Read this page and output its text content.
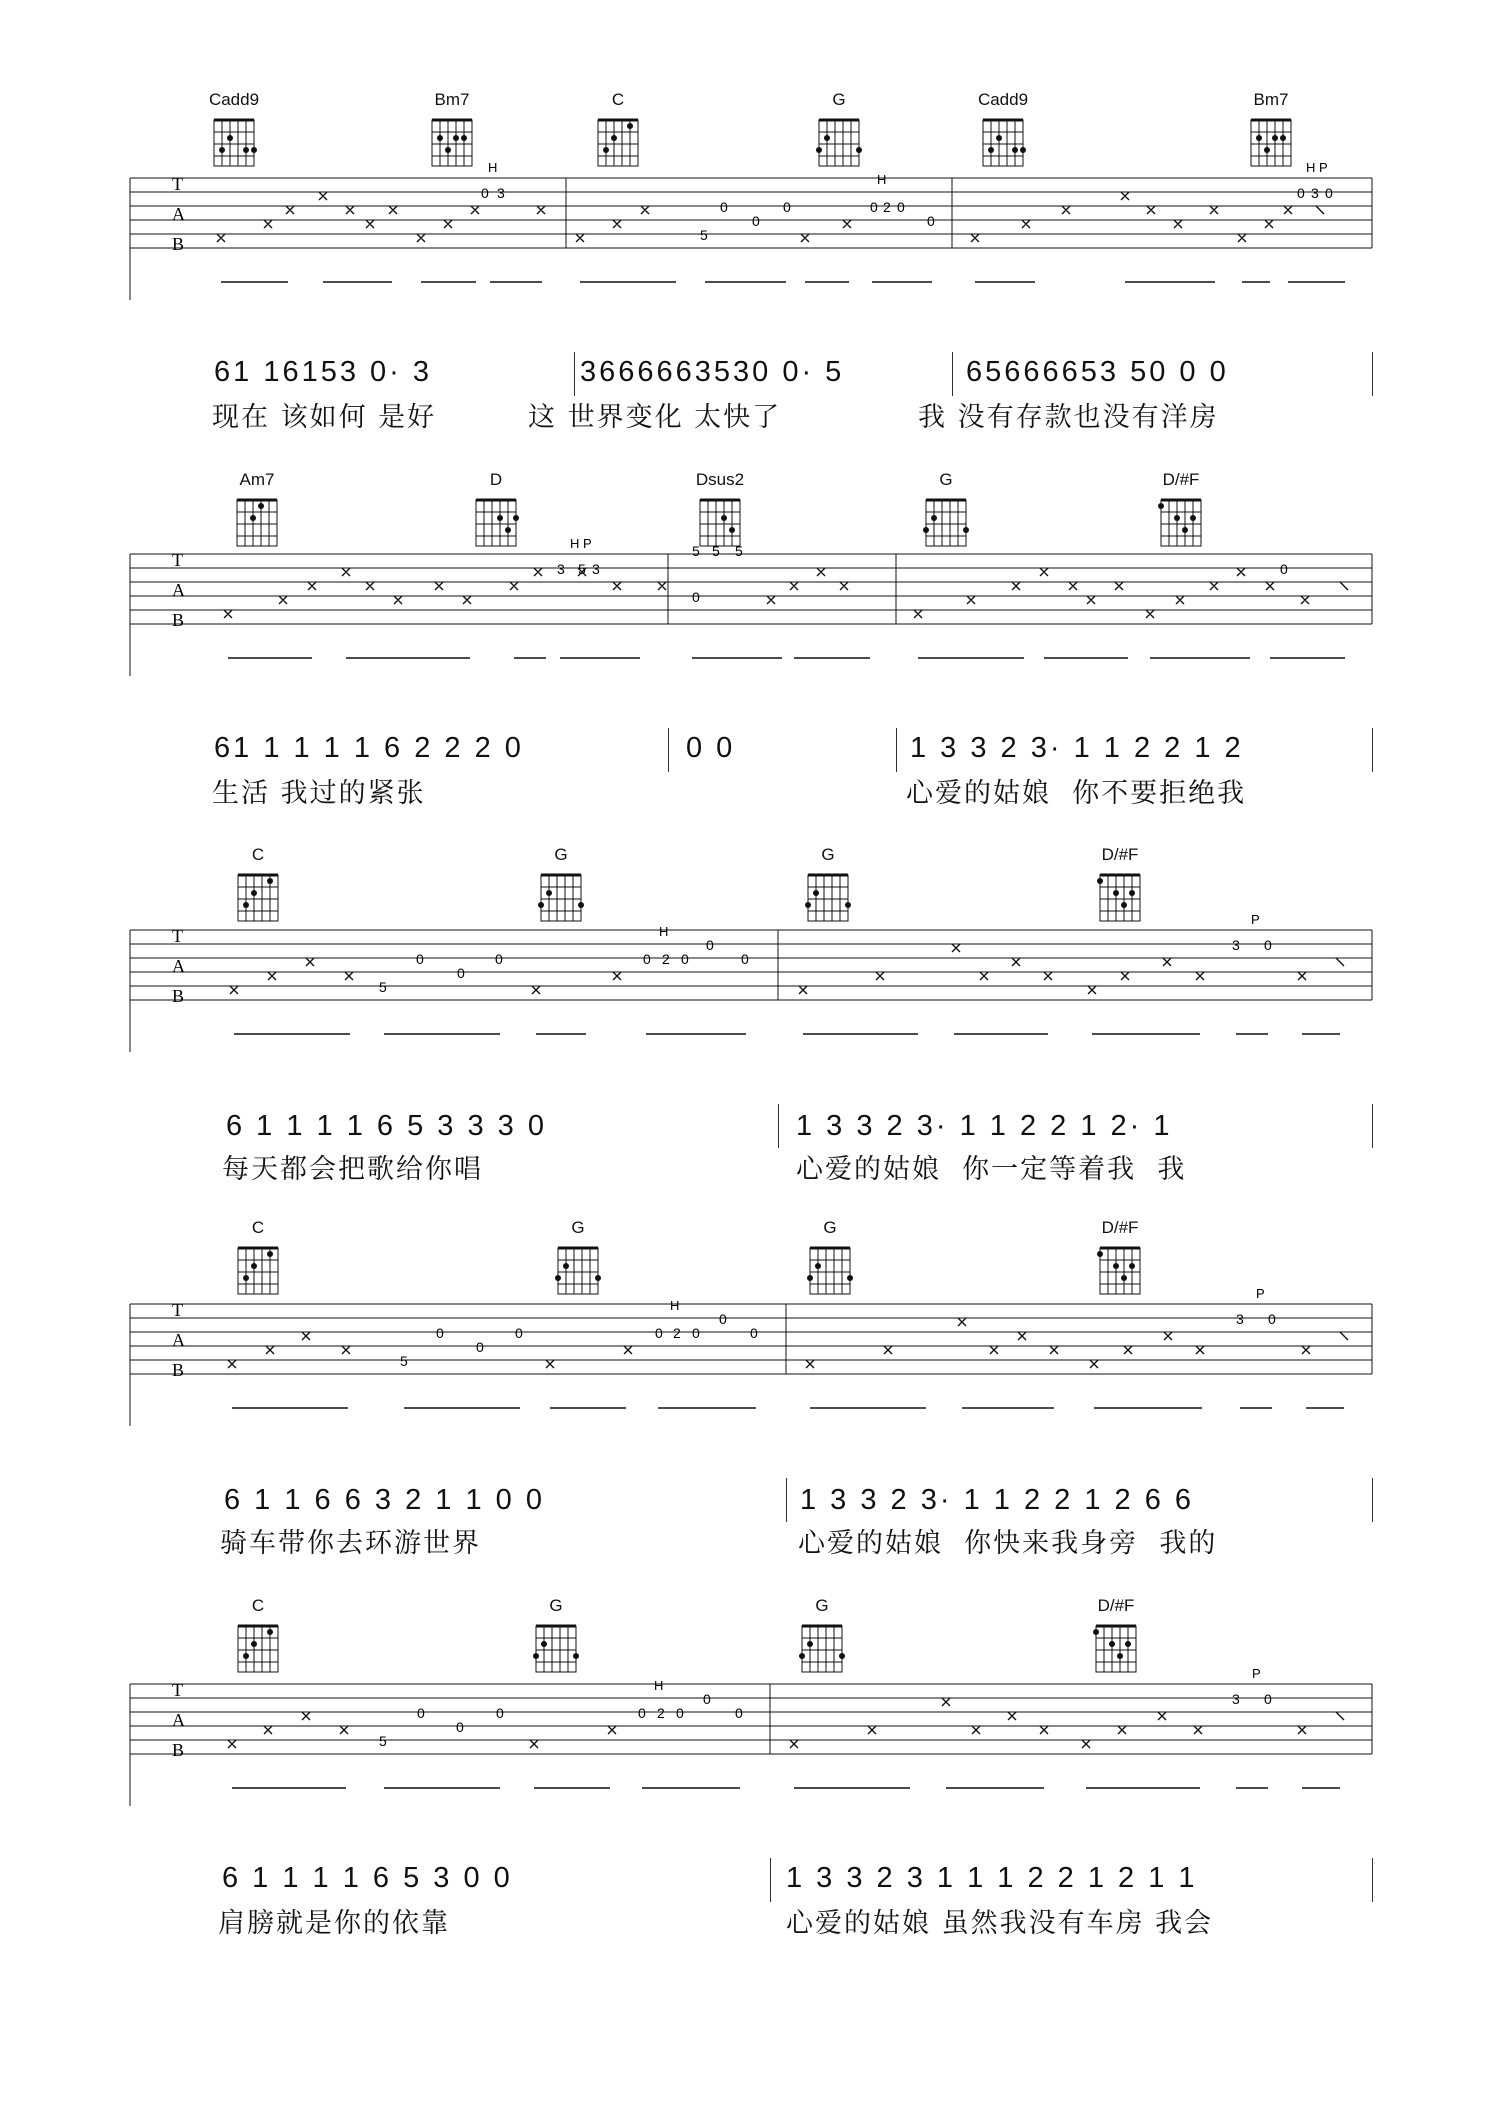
Cadd9	Bm7	C	G	Cadd9	Bm7
T
A
B
0 3
0 2 0
0
0
0
5
0 3 0
0
H
H
H P
61 16153 0· 3	3666663530 0· 5	65666653 50 0 0
现在 该如何 是好	这 世界变化 太快了	我 没有存款也没有洋房
Am7	D	Dsus2	G	D/#F
T
A
B
3 5 3
5 5 5
0
0
H P
61 1 1 1 1 6 2 2 2 0	0 0	1 3 3 2 3· 1 1 2 2 1 2
生活 我过的紧张	心爱的姑娘  你不要拒绝我
C	G	G	D/#F
T
A
B
0
0
0
5
0 2 0
0
0
3 0
H
P
6 1 1 1 1 6 5 3 3 3 0	1 3 3 2 3· 1 1 2 2 1 2· 1
每天都会把歌给你唱	心爱的姑娘  你一定等着我  我
C	G	G	D/#F
T
A
B
0
0
0
5
0 2 0
0
0
3 0
H
P
6 1 1 6 6 3 2 1 1 0 0	1 3 3 2 3· 1 1 2 2 1 2 6 6
骑车带你去环游世界	心爱的姑娘  你快来我身旁  我的
C	G	G	D/#F
T
A
B
0
0
0
5
0 2 0
0
0
3 0
H
P
6 1 1 1 1 6 5 3 0 0	1 3 3 2 3 1 1 1 2 2 1 2 1 1
肩膀就是你的依靠	心爱的姑娘 虽然我没有车房 我会
